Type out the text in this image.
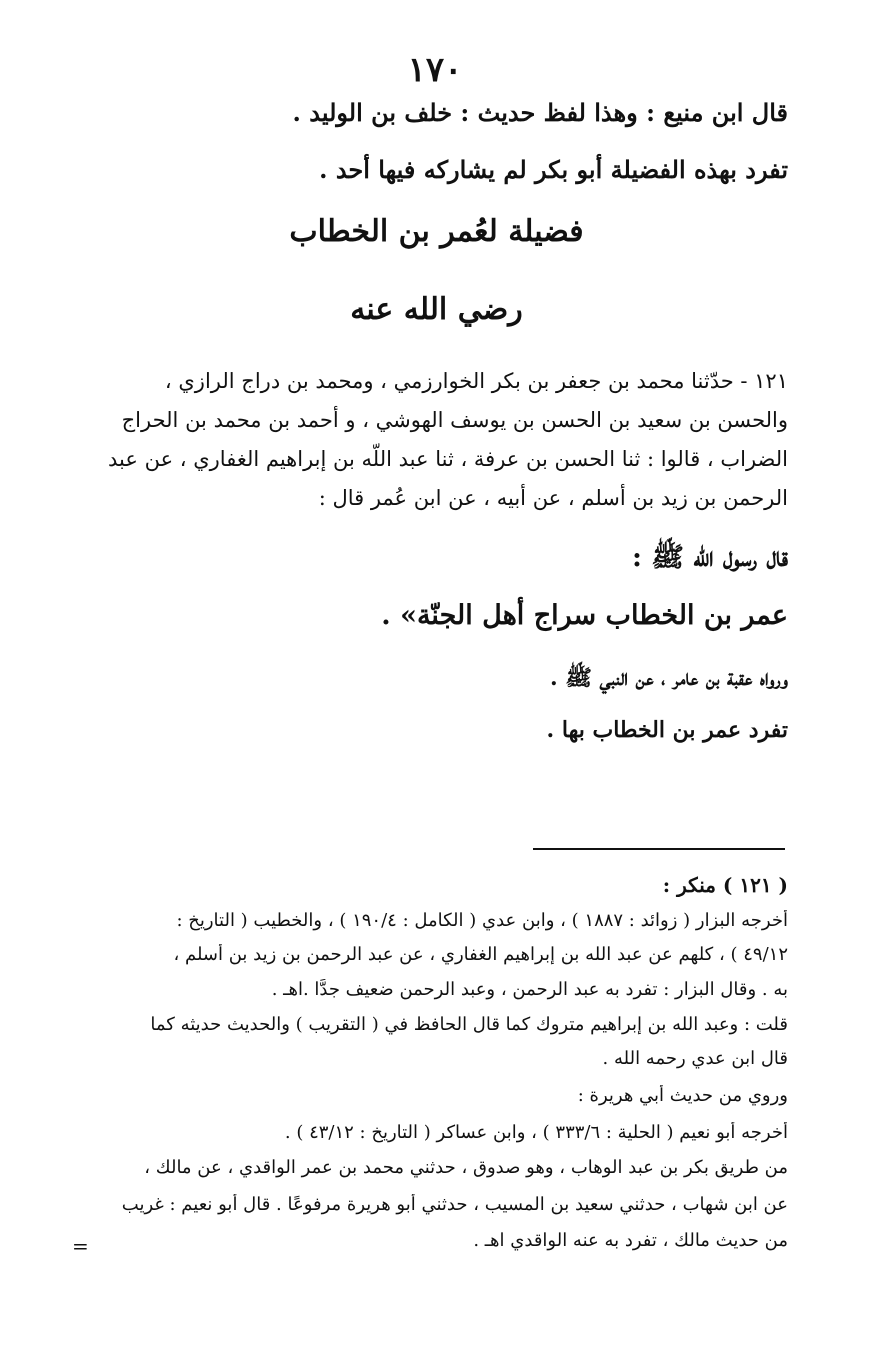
١٧٠
قال ابن منيع : وهذا لفظ حديث : خلف بن الوليد .
تفرد بهذه الفضيلة أبو بكر لم يشاركه فيها أحد .
فضيلة لعُمر بن الخطاب
رضي الله عنه
١٢١ - حدّثنا محمد بن جعفر بن بكر الخوارزمي ، ومحمد بن دراج الرازي ،
والحسن بن سعيد بن الحسن بن يوسف الهوشي ، و أحمد بن محمد بن الحراج
الضراب ، قالوا : ثنا الحسن بن عرفة ، ثنا عبد اللّه بن إبراهيم الغفاري ، عن عبد
الرحمن بن زيد بن أسلم ، عن أبيه ، عن ابن عُمر قال :
قال رسول الله ﷺ :
عمر بن الخطاب سراج أهل الجنّة» .
ورواه عقبة بن عامر ، عن النبي ﷺ .
تفرد عمر بن الخطاب بها .
( ١٢١ ) منكر :
أخرجه البزار ( زوائد : ١٨٨٧ ) ، وابن عدي ( الكامل : ١٩٠/٤ ) ، والخطيب ( التاريخ :
٤٩/١٢ ) ، كلهم عن عبد الله بن إبراهيم الغفاري ، عن عبد الرحمن بن زيد بن أسلم ،
به . وقال البزار : تفرد به عبد الرحمن ، وعبد الرحمن ضعيف جدًّا .اهـ .
قلت : وعبد الله بن إبراهيم متروك كما قال الحافظ في ( التقريب ) والحديث حديثه كما
قال ابن عدي رحمه الله .
وروي من حديث أبي هريرة :
أخرجه أبو نعيم ( الحلية : ٣٣٣/٦ ) ، وابن عساكر ( التاريخ : ٤٣/١٢ ) .
من طريق بكر بن عبد الوهاب ، وهو صدوق ، حدثني محمد بن عمر الواقدي ، عن مالك ،
عن ابن شهاب ، حدثني سعيد بن المسيب ، حدثني أبو هريرة مرفوعًا . قال أبو نعيم : غريب
من حديث مالك ، تفرد به عنه الواقدي اهـ .
=
